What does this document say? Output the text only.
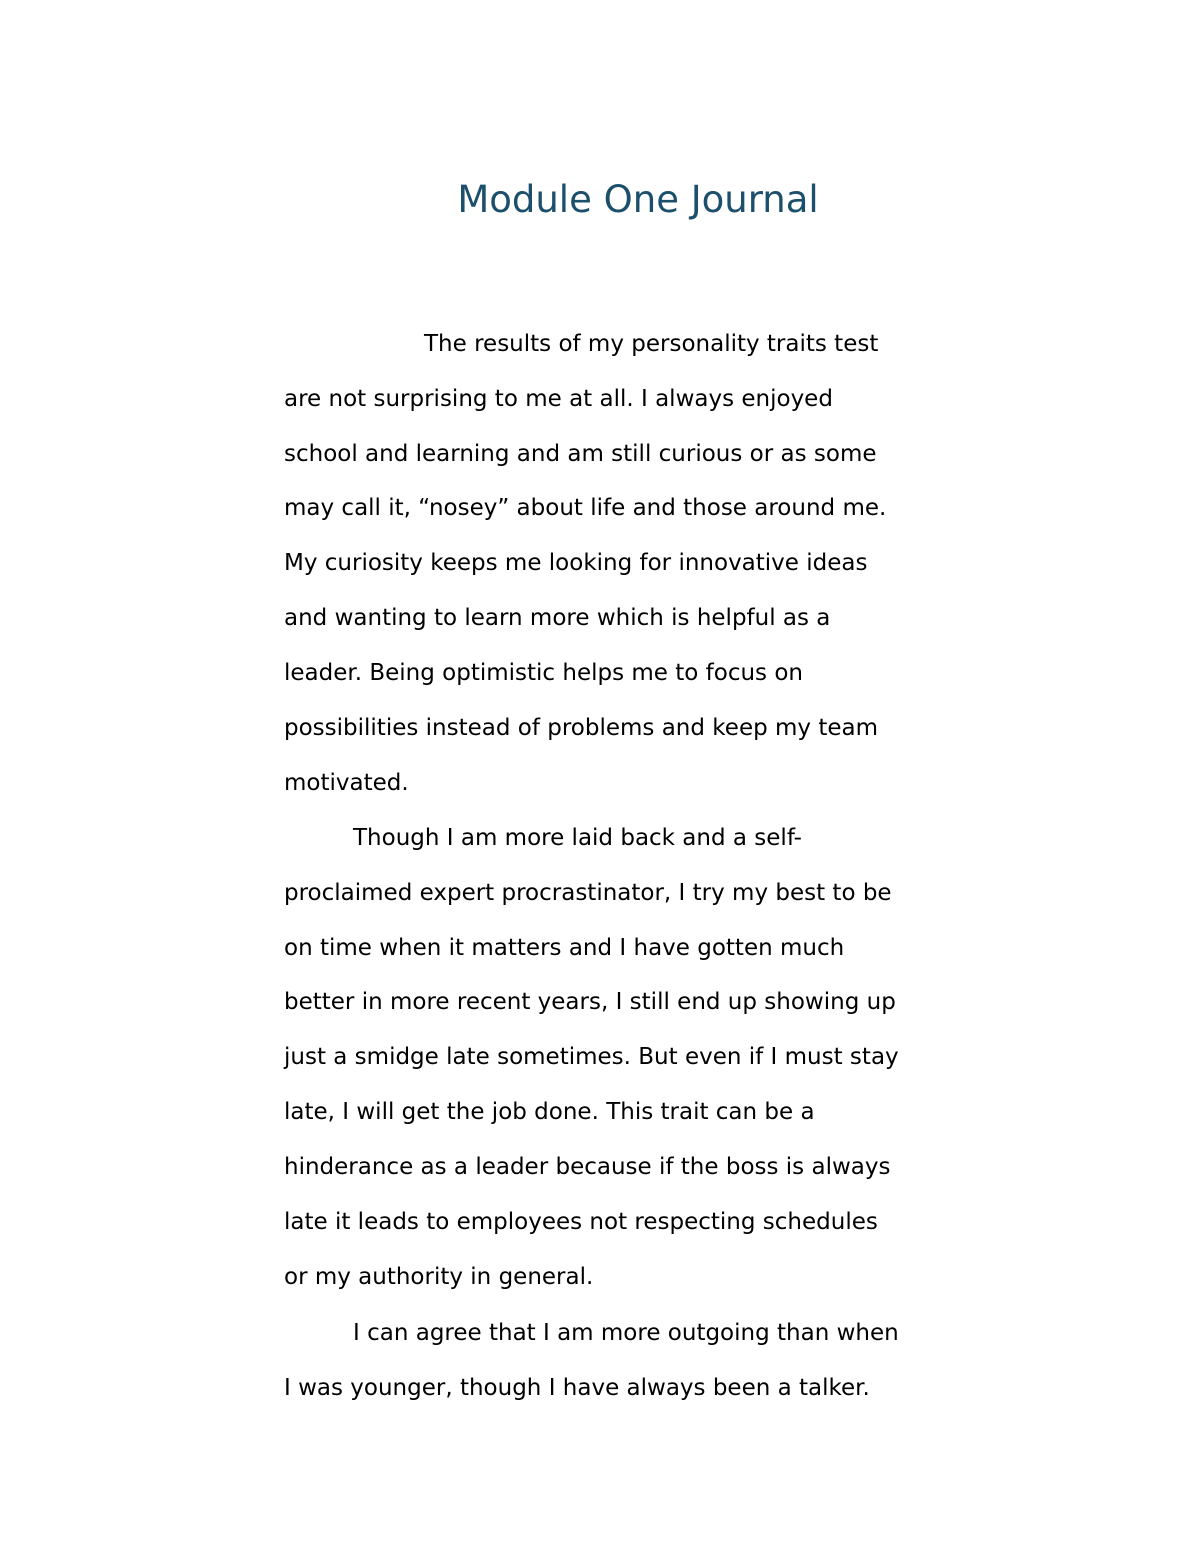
Module One Journal

The results of my personality traits test

are not surprising to me at all. I always enjoyed

school and learning and am still curious or as some

may call it, “nosey” about life and those around me.

My curiosity keeps me looking for innovative ideas

and wanting to learn more which is helpful as a

leader. Being optimistic helps me to focus on

possibilities instead of problems and keep my team

motivated.

Though I am more laid back and a self-

proclaimed expert procrastinator, I try my best to be

on time when it matters and I have gotten much

better in more recent years, I still end up showing up

just a smidge late sometimes. But even if I must stay

late, I will get the job done. This trait can be a

hinderance as a leader because if the boss is always

late it leads to employees not respecting schedules

or my authority in general.

I can agree that I am more outgoing than when

I was younger, though I have always been a talker.
